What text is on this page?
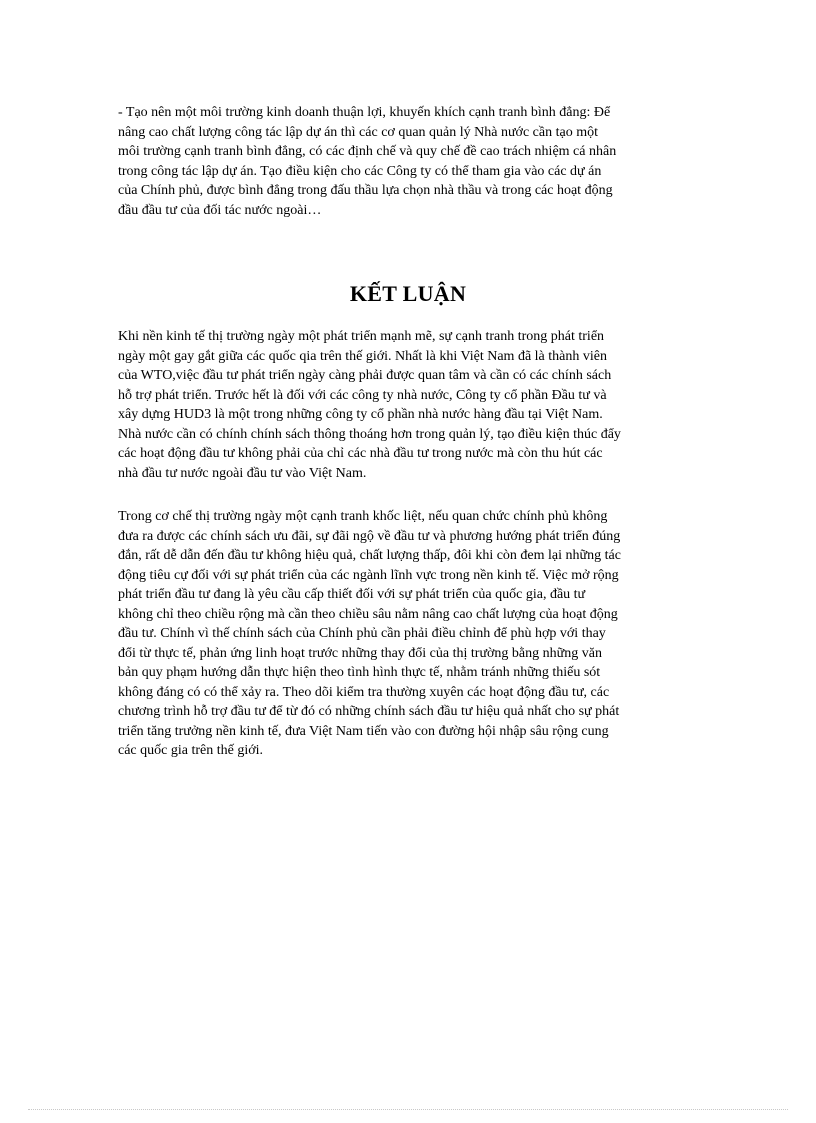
- Tạo nên một môi trường kinh doanh thuận lợi, khuyến khích cạnh tranh bình đẳng: Để
nâng cao chất lượng công tác lập dự án thì các cơ quan quản lý Nhà nước cần tạo một
môi trường cạnh tranh bình đẳng, có các định chế và quy chế đề cao trách nhiệm cá nhân
trong công tác lập dự án. Tạo điều kiện cho các Công ty có thể tham gia vào các dự án
của Chính phủ, được bình đẳng trong đấu thầu lựa chọn nhà thầu và trong các hoạt động
đầu đầu tư của đối tác nước ngoài…
KẾT LUẬN
Khi nền kinh tế thị trường ngày một phát triển mạnh mẽ, sự cạnh tranh trong phát triển
ngày một gay gắt giữa các quốc qia trên thế giới. Nhất là khi Việt Nam đã là thành viên
của WTO,việc đầu tư phát triển ngày càng phải được quan tâm và cần có các chính sách
hỗ trợ phát triển. Trước hết là đối với các công ty nhà nước, Công ty cổ phần Đầu tư và
xây dựng HUD3 là một trong những công ty cổ phần nhà nước hàng đầu tại Việt Nam.
Nhà nước cần có chính chính sách thông thoáng hơn trong quản lý, tạo điều kiện thúc đẩy
các hoạt động đầu tư không phải của chỉ các nhà đầu tư trong nước mà còn thu hút các
nhà đầu tư nước ngoài đầu tư vào Việt Nam.
Trong cơ chế thị trường ngày một cạnh tranh khốc liệt, nếu quan chức chính phủ không
đưa ra được các chính sách ưu đãi, sự đãi ngộ về đầu tư và phương hướng phát triển đúng
đắn, rất dễ dẫn đến đầu tư không hiệu quả, chất lượng thấp, đôi khi còn đem lại những tác
động tiêu cự đối với sự phát triển của các ngành lĩnh vực trong nền kinh tế. Việc mở rộng
phát triển đầu tư đang là yêu cầu cấp thiết đối với sự phát triển của quốc gia, đầu tư
không chỉ theo chiều rộng mà cần theo chiều sâu nằm nâng cao chất lượng của hoạt động
đầu tư. Chính vì thế chính sách của Chính phủ cần phải điều chỉnh để phù hợp với thay
đổi từ thực tế, phản ứng linh hoạt trước những thay đổi của thị trường bằng những văn
bản quy phạm hướng dẫn thực hiện theo tình hình thực tế, nhằm tránh những thiếu sót
không đáng có có thể xảy ra. Theo dõi kiểm tra thường xuyên các hoạt động đầu tư, các
chương trình hỗ trợ đầu tư để từ đó có những chính sách đầu tư hiệu quả nhất cho sự phát
triển tăng trưởng nền kinh tế, đưa Việt Nam tiến vào con đường hội nhập sâu rộng cung
các quốc gia trên thế giới.
